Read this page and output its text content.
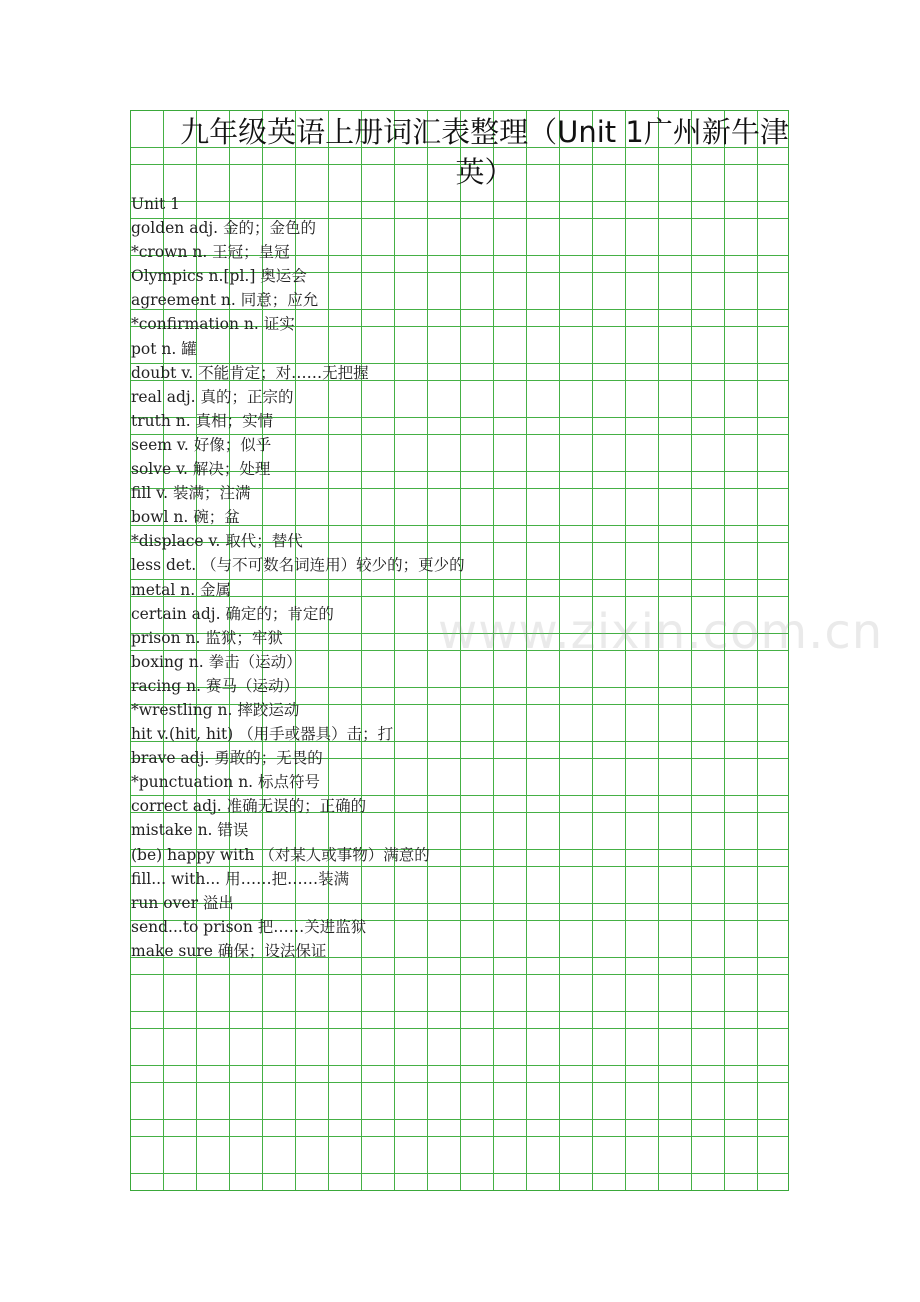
www.zixin.com.cn
九年级英语上册词汇表整理（Unit 1广州新牛津英）
Unit 1
golden adj. 金的；金色的
*crown n. 王冠；皇冠
Olympics n.[pl.] 奥运会
agreement n. 同意；应允
*confirmation n. 证实
pot n. 罐
doubt v. 不能肯定；对……无把握
real adj. 真的；正宗的
truth n. 真相；实情
seem v. 好像；似乎
solve v. 解决；处理
fill v. 装满；注满
bowl n. 碗；盆
*displace v. 取代；替代
less det. （与不可数名词连用）较少的；更少的
metal n. 金属
certain adj. 确定的；肯定的
prison n. 监狱；牢狱
boxing n. 拳击（运动）
racing n. 赛马（运动）
*wrestling n. 摔跤运动
hit v.(hit, hit) （用手或器具）击；打
brave adj. 勇敢的；无畏的
*punctuation n. 标点符号
correct adj. 准确无误的；正确的
mistake n. 错误
(be) happy with （对某人或事物）满意的
fill... with... 用……把……装满
run over 溢出
send...to prison 把……关进监狱
make sure 确保；设法保证
